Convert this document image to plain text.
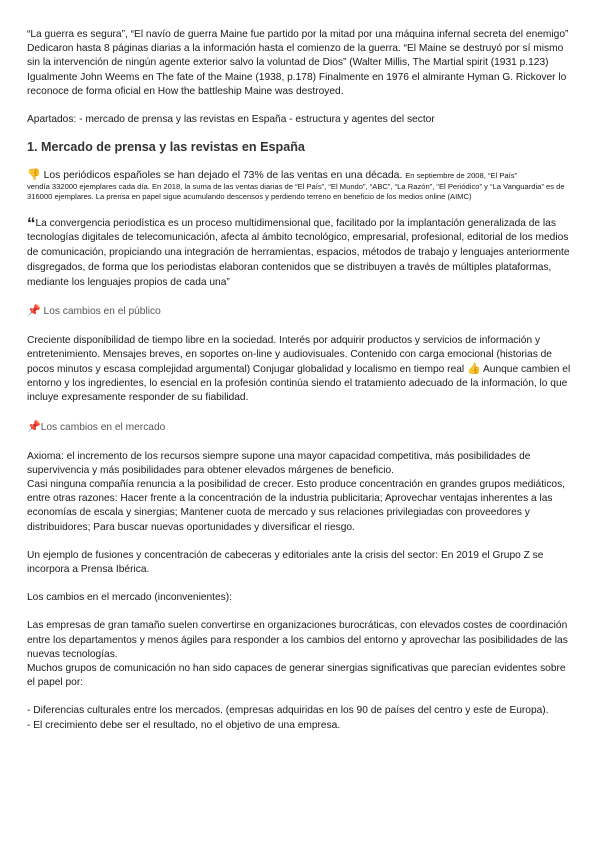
“La guerra es segura”, “El navío de guerra Maine fue partido por la mitad por una máquina infernal secreta del enemigo”

Dedicaron hasta 8 páginas diarias a la información hasta el comienzo de la guerra. “El Maine se destruyó por sí mismo sin la intervención de ningún agente exterior salvo la voluntad de Dios” (Walter Millis, The Martial spirit (1931 p.123) Igualmente John Weems en The fate of the Maine (1938, p.178) Finalmente en 1976 el almirante Hyman G. Rickover lo reconoce de forma oficial en How the battleship Maine was destroyed.

Apartados: - mercado de prensa y las revistas en España - estructura y agentes del sector

1. Mercado de prensa y las revistas en España
👎 Los periódicos españoles se han dejado el 73% de las ventas en una década. En septiembre de 2008, “El País”
vendía 332000 ejemplares cada día. En 2018, la suma de las ventas diarias de “El País”, “El Mundo”, “ABC”, “La Razón”, “El Periódico” y “La Vanguardia” es de 316000 ejemplares. La prensa en papel sigue acumulando descensos y perdiendo terreno en beneficio de los medios online (AIMC)

“La convergencia periodística es un proceso multidimensional que, facilitado por la implantación generalizada de las tecnologías digitales de telecomunicación, afecta al ámbito tecnológico, empresarial, profesional, editorial de los medios de comunicación, propiciando una integración de herramientas, espacios, métodos de trabajo y lenguajes anteriormente disgregados, de forma que los periodistas elaboran contenidos que se distribuyen a través de múltiples plataformas, mediante los lenguajes propios de cada una”

📌 Los cambios en el público

Creciente disponibilidad de tiempo libre en la sociedad. Interés por adquirir productos y servicios de información y entretenimiento. Mensajes breves, en soportes on-line y audiovisuales. Contenido con carga emocional (historias de pocos minutos y escasa complejidad argumental) Conjugar globalidad y localismo en tiempo real 👍 Aunque cambien el entorno y los ingredientes, lo esencial en la profesión continúa siendo el tratamiento adecuado de la información, lo que incluye expresamente responder de su fiabilidad.

📌Los cambios en el mercado

Axioma: el incremento de los recursos siempre supone una mayor capacidad competitiva, más posibilidades de supervivencia y más posibilidades para obtener elevados márgenes de beneficio.

Casi ninguna compañía renuncia a la posibilidad de crecer. Esto produce concentración en grandes grupos mediáticos, entre otras razones: Hacer frente a la concentración de la industria publicitaria; Aprovechar ventajas inherentes a las economías de escala y sinergias; Mantener cuota de mercado y sus relaciones privilegiadas con proveedores y distribuidores; Para buscar nuevas oportunidades y diversificar el riesgo.

Un ejemplo de fusiones y concentración de cabeceras y editoriales ante la crisis del sector: En 2019 el Grupo Z se incorpora a Prensa Ibérica.

Los cambios en el mercado (inconvenientes):

Las empresas de gran tamaño suelen convertirse en organizaciones burocráticas, con elevados costes de coordinación entre los departamentos y menos ágiles para responder a los cambios del entorno y aprovechar las posibilidades de las nuevas tecnologías.

Muchos grupos de comunicación no han sido capaces de generar sinergias significativas que parecían evidentes sobre el papel por:

- Diferencias culturales entre los mercados. (empresas adquiridas en los 90 de países del centro y este de Europa).

- El crecimiento debe ser el resultado, no el objetivo de una empresa.
